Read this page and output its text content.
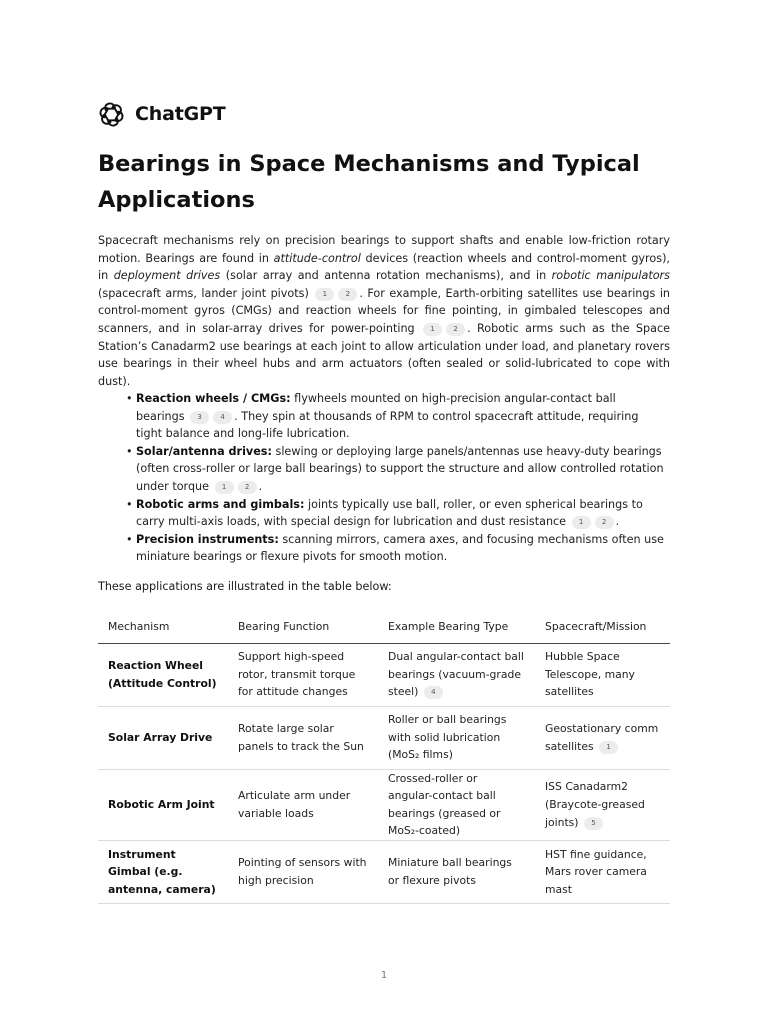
ChatGPT
Bearings in Space Mechanisms and Typical Applications

Spacecraft mechanisms rely on precision bearings to support shafts and enable low-friction rotary motion. Bearings are found in attitude-control devices (reaction wheels and control-moment gyros), in deployment drives (solar array and antenna rotation mechanisms), and in robotic manipulators (spacecraft arms, lander joint pivots) 1	2 . For example, Earth-orbiting satellites use bearings in control-moment gyros (CMGs) and reaction wheels for fine pointing, in gimbaled telescopes and scanners, and in solar-array drives for power-pointing 1	2 . Robotic arms such as the Space Station’s Canadarm2 use bearings at each joint to allow articulation under load, and planetary rovers use bearings in their wheel hubs and arm actuators (often sealed or solid-lubricated to cope with dust).

• Reaction wheels / CMGs: flywheels mounted on high-precision angular-contact ball bearings 3	4 . They spin at thousands of RPM to control spacecraft attitude, requiring tight balance and long-life lubrication.
• Solar/antenna drives: slewing or deploying large panels/antennas use heavy-duty bearings (often cross-roller or large ball bearings) to support the structure and allow controlled rotation under torque 1	2 .
• Robotic arms and gimbals: joints typically use ball, roller, or even spherical bearings to carry multi-axis loads, with special design for lubrication and dust resistance 1	2 .
• Precision instruments: scanning mirrors, camera axes, and focusing mechanisms often use miniature bearings or flexure pivots for smooth motion.

These applications are illustrated in the table below:

Mechanism	Bearing Function	Example Bearing Type	Spacecraft/Mission
Reaction Wheel (Attitude Control)	Support high-speed rotor, transmit torque for attitude changes	Dual angular-contact ball bearings (vacuum-grade steel) 4	Hubble Space Telescope, many satellites
Solar Array Drive	Rotate large solar panels to track the Sun	Roller or ball bearings with solid lubrication (MoS₂ films)	Geostationary comm satellites 1
Robotic Arm Joint	Articulate arm under variable loads	Crossed-roller or angular-contact ball bearings (greased or MoS₂-coated)	ISS Canadarm2 (Braycote-greased joints) 5
Instrument Gimbal (e.g. antenna, camera)	Pointing of sensors with high precision	Miniature ball bearings or flexure pivots	HST fine guidance, Mars rover camera mast
1
